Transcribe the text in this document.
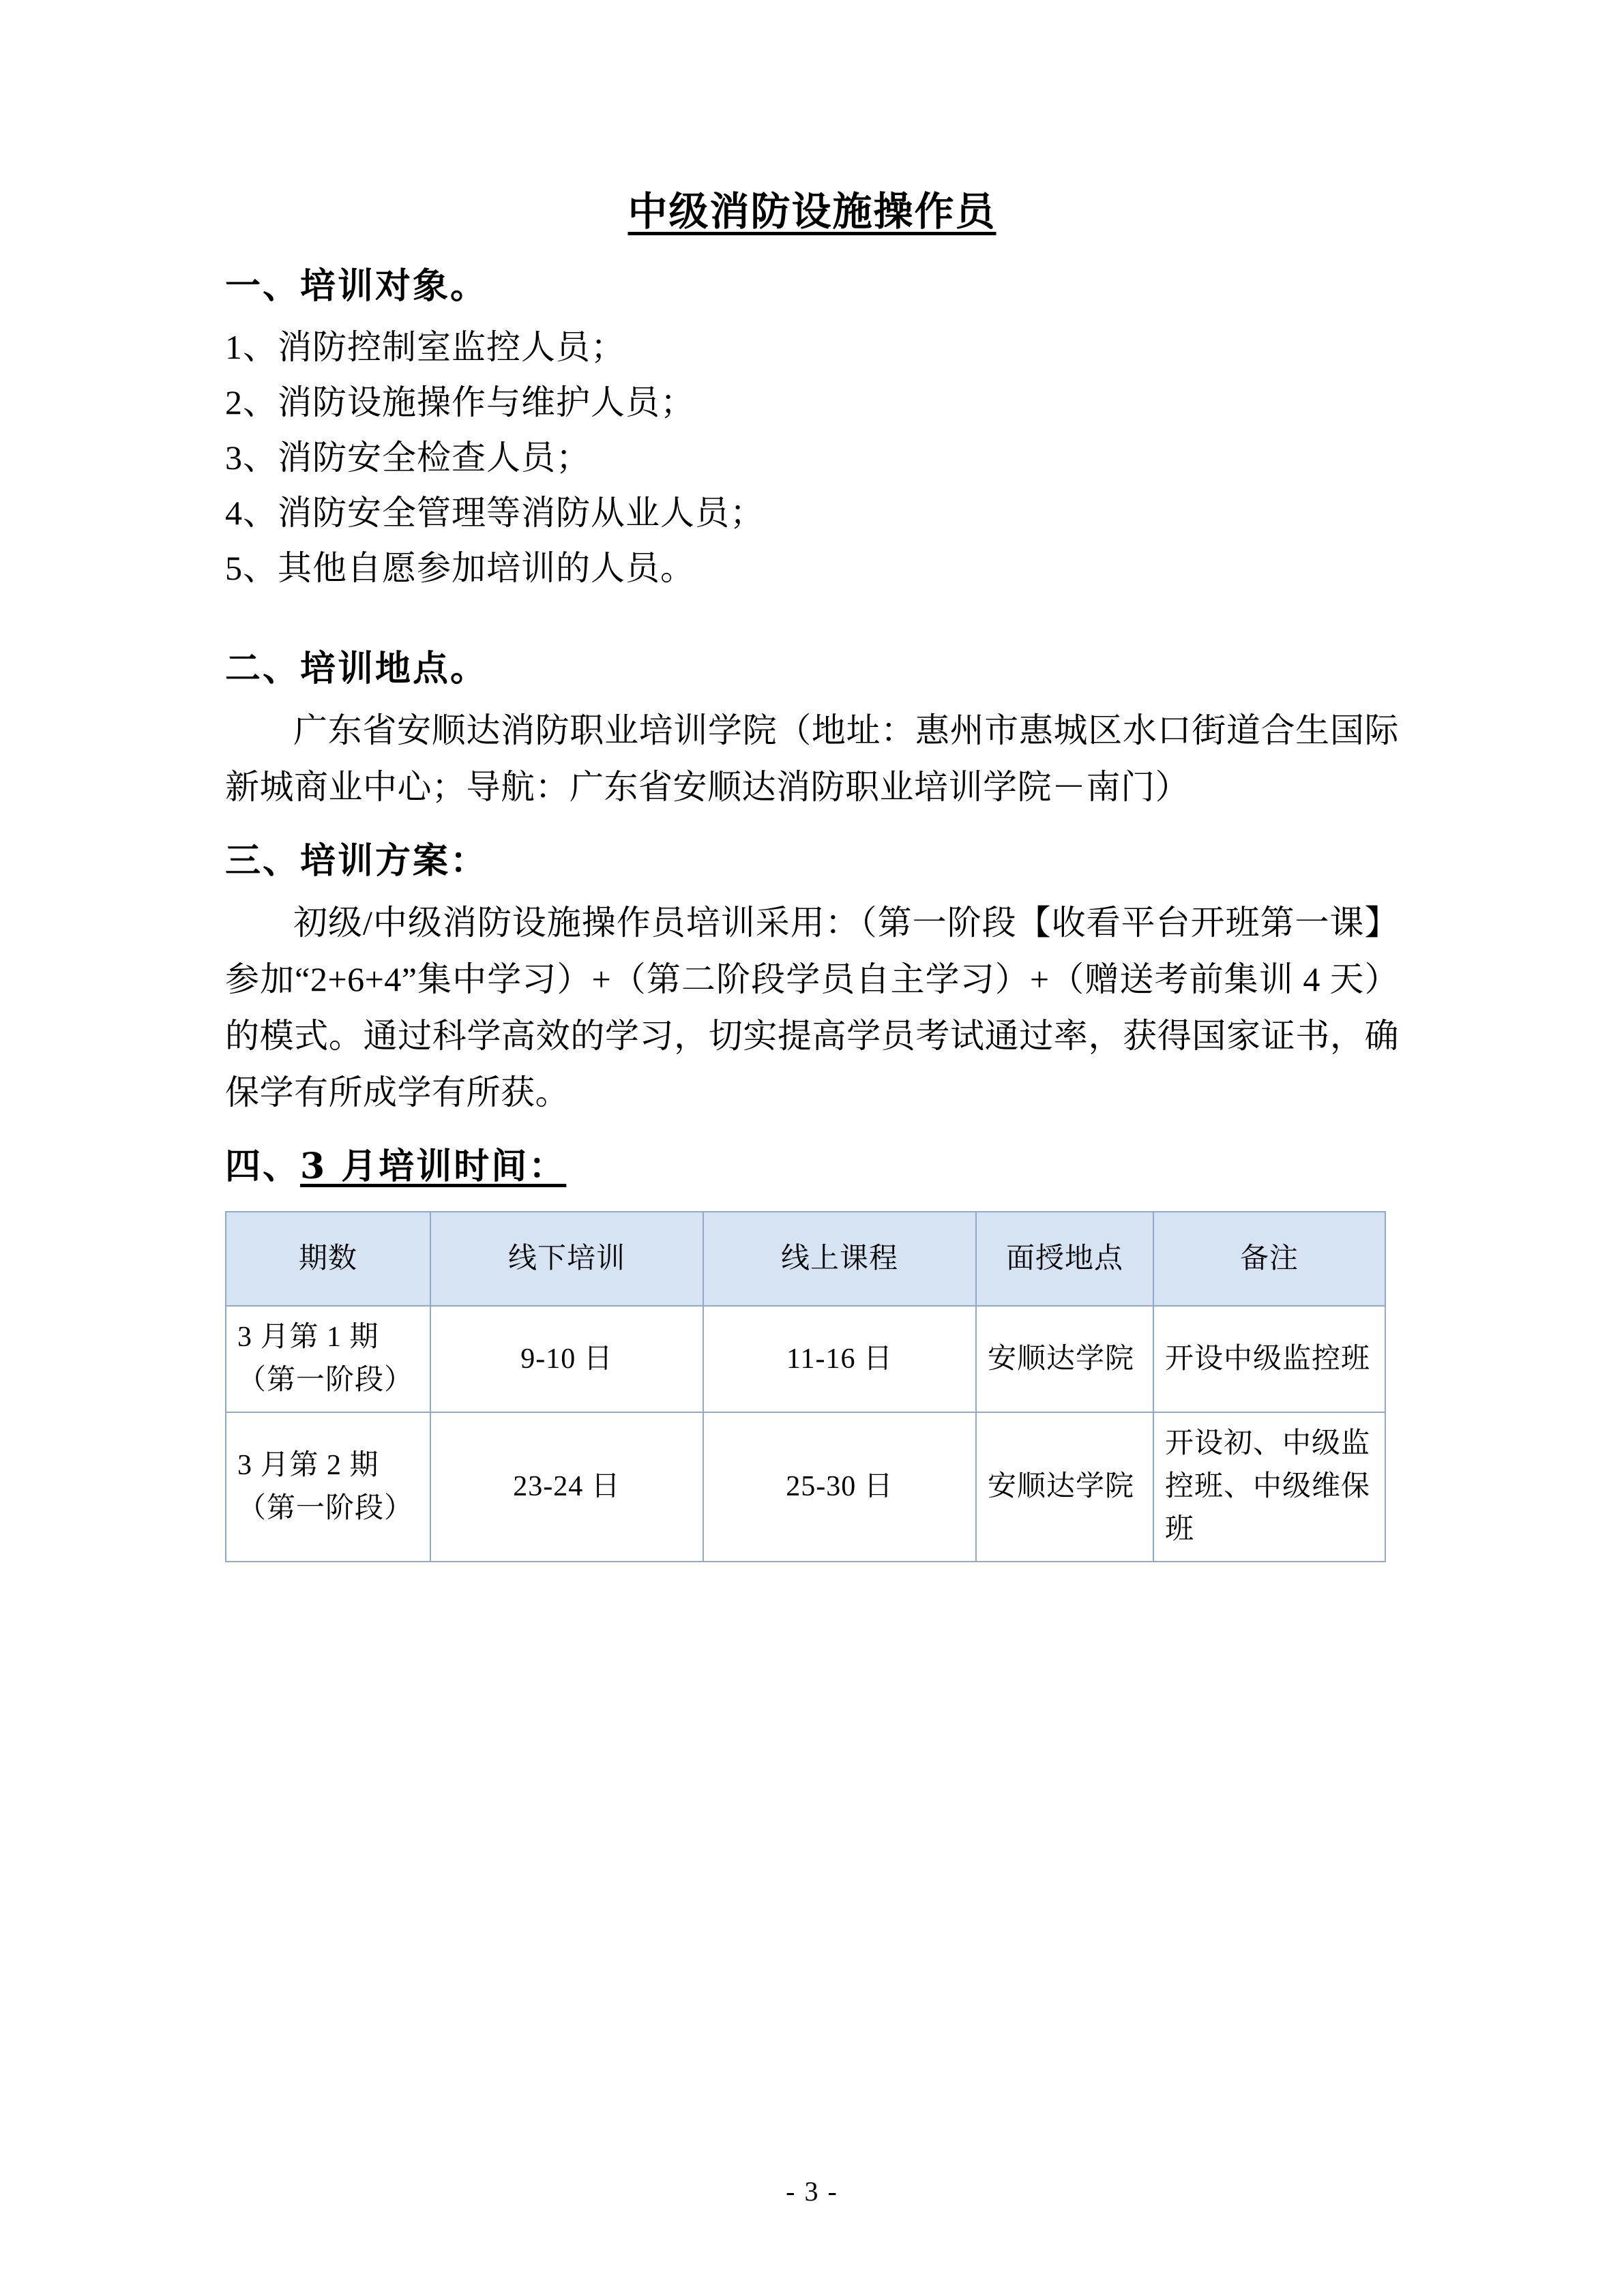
中级消防设施操作员
一、培训对象。

1、消防控制室监控人员；

2、消防设施操作与维护人员；

3、消防安全检查人员；

4、消防安全管理等消防从业人员；

5、其他自愿参加培训的人员。

二、培训地点。

广东省安顺达消防职业培训学院（地址：惠州市惠城区水口街道合生国际新城商业中心；导航：广东省安顺达消防职业培训学院－南门）

三、培训方案：

初级/中级消防设施操作员培训采用：（第一阶段【收看平台开班第一课】参加“2+6+4”集中学习）+（第二阶段学员自主学习）+（赠送考前集训 4 天）的模式。通过科学高效的学习，切实提高学员考试通过率，获得国家证书，确保学有所成学有所获。

四、3 月培训时间：
期数	线下培训	线上课程	面授地点	备注
3 月第 1 期（第一阶段）	9-10 日	11-16 日	安顺达学院	开设中级监控班
3 月第 2 期（第一阶段）	23-24 日	25-30 日	安顺达学院	开设初、中级监控班、中级维保班
- 3 -
